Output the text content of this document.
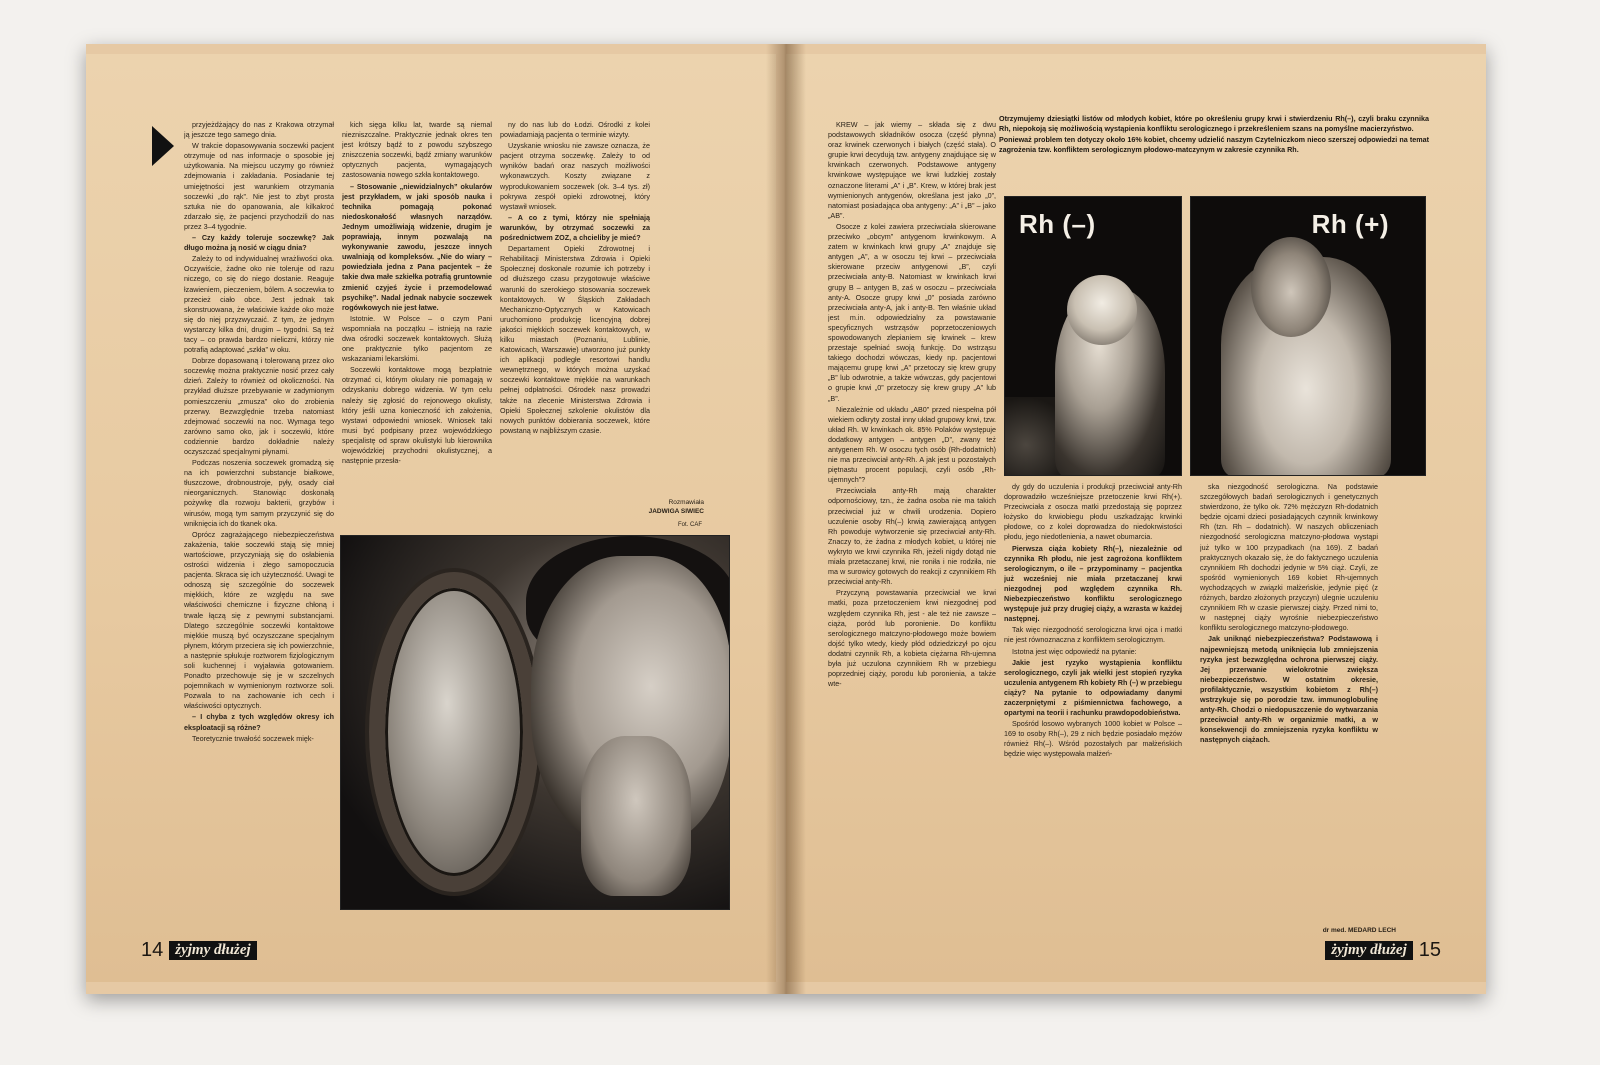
przyjeżdżający do nas z Krakowa otrzymał ją jeszcze tego samego dnia.

W trakcie dopasowywania soczewki pacjent otrzymuje od nas informacje o sposobie jej użytkowania. Na miejscu uczymy go również zdejmowania i zakładania. Posiadanie tej umiejętności jest warunkiem otrzymania soczewki „do rąk”. Nie jest to zbyt prosta sztuka nie do opanowania, ale kilkakroć zdarzało się, że pacjenci przychodzili do nas przez 3–4 tygodnie.

– Czy każdy toleruje soczewkę? Jak długo można ją nosić w ciągu dnia?

Zależy to od indywidualnej wrażliwości oka. Oczywiście, żadne oko nie toleruje od razu niczego, co się do niego dostanie. Reaguje łzawieniem, pieczeniem, bólem. A soczewka to przecież ciało obce. Jest jednak tak skonstruowana, że właściwie każde oko może się do niej przyzwyczaić. Z tym, że jednym wystarczy kilka dni, drugim – tygodni. Są też tacy – co prawda bardzo nieliczni, którzy nie potrafią adaptować „szkła” w oku.

Dobrze dopasowaną i tolerowaną przez oko soczewkę można praktycznie nosić przez cały dzień. Zależy to również od okoliczności. Na przykład dłuższe przebywanie w zadymionym pomieszczeniu „zmusza” oko do zrobienia przerwy. Bezwzględnie trzeba natomiast zdejmować soczewki na noc. Wymaga tego zarówno samo oko, jak i soczewki, które codziennie bardzo dokładnie należy oczyszczać specjalnymi płynami.

Podczas noszenia soczewek gromadzą się na ich powierzchni substancje białkowe, tłuszczowe, drobnoustroje, pyły, osady ciał nieorganicznych. Stanowiąc doskonałą pożywkę dla rozwoju bakterii, grzybów i wirusów, mogą tym samym przyczynić się do wniknięcia ich do tkanek oka.

Oprócz zagrażającego niebezpieczeństwa zakażenia, takie soczewki stają się mniej wartościowe, przyczyniają się do osłabienia ostrości widzenia i złego samopoczucia pacjenta. Skraca się ich użyteczność. Uwagi te odnoszą się szczególnie do soczewek miękkich, które ze względu na swe właściwości chemiczne i fizyczne chłoną i trwale łączą się z pewnymi substancjami. Dlatego szczególnie soczewki kontaktowe miękkie muszą być oczyszczane specjalnym płynem, którym przeciera się ich powierzchnie, a następnie spłukuje roztworem fizjologicznym soli kuchennej i wyjaławia gotowaniem. Ponadto przechowuje się je w szczelnych pojemnikach w wymienionym roztworze soli. Pozwala to na zachowanie ich cech i właściwości optycznych.

– I chyba z tych względów okresy ich eksploatacji są różne?

Teoretycznie trwałość soczewek mięk-

kich sięga kilku lat, twarde są niemal niezniszczalne. Praktycznie jednak okres ten jest krótszy bądź to z powodu szybszego zniszczenia soczewki, bądź zmiany warunków optycznych pacjenta, wymagających zastosowania nowego szkła kontaktowego.

– Stosowanie „niewidzialnych” okularów jest przykładem, w jaki sposób nauka i technika pomagają pokonać niedoskonałość własnych narządów. Jednym umożliwiają widzenie, drugim je poprawiają, innym pozwalają na wykonywanie zawodu, jeszcze innych uwalniają od kompleksów. „Nie do wiary – powiedziała jedna z Pana pacjentek – że takie dwa małe szkiełka potrafią gruntownie zmienić czyjeś życie i przemodelować psychikę”. Nadal jednak nabycie soczewek rogówkowych nie jest łatwe.

Istotnie. W Polsce – o czym Pani wspomniała na początku – istnieją na razie dwa ośrodki soczewek kontaktowych. Służą one praktycznie tylko pacjentom ze wskazaniami lekarskimi.

Soczewki kontaktowe mogą bezpłatnie otrzymać ci, którym okulary nie pomagają w odzyskaniu dobrego widzenia. W tym celu należy się zgłosić do rejonowego okulisty, który jeśli uzna konieczność ich założenia, wystawi odpowiedni wniosek. Wniosek taki musi być podpisany przez wojewódzkiego specjalistę od spraw okulistyki lub kierownika wojewódzkiej przychodni okulistycznej, a następnie przesła-

ny do nas lub do Łodzi. Ośrodki z kolei powiadamiają pacjenta o terminie wizyty.

Uzyskanie wniosku nie zawsze oznacza, że pacjent otrzyma soczewkę. Zależy to od wyników badań oraz naszych możliwości wykonawczych. Koszty związane z wyprodukowaniem soczewek (ok. 3–4 tys. zł) pokrywa zespół opieki zdrowotnej, który wystawił wniosek.

– A co z tymi, którzy nie spełniają warunków, by otrzymać soczewki za pośrednictwem ZOZ, a chcieliby je mieć?

Departament Opieki Zdrowotnej i Rehabilitacji Ministerstwa Zdrowia i Opieki Społecznej doskonale rozumie ich potrzeby i od dłuższego czasu przygotowuje właściwe warunki do szerokiego stosowania soczewek kontaktowych. W Śląskich Zakładach Mechaniczno-Optycznych w Katowicach uruchomiono produkcję licencyjną dobrej jakości miękkich soczewek kontaktowych, w kilku miastach (Poznaniu, Lublinie, Katowicach, Warszawie) utworzono już punkty ich aplikacji podległe resortowi handlu wewnętrznego, w których można uzyskać soczewki kontaktowe miękkie na warunkach pełnej odpłatności. Ośrodek nasz prowadzi także na zlecenie Ministerstwa Zdrowia i Opieki Społecznej szkolenie okulistów dla nowych punktów dobierania soczewek, które powstaną w najbliższym czasie.

Rozmawiała
JADWIGA SIWIEC
Fot. CAF
14 żyjmy dłużej

Otrzymujemy dziesiątki listów od młodych kobiet, które po określeniu grupy krwi i stwierdzeniu Rh(–), czyli braku czynnika Rh, niepokoją się możliwością wystąpienia konfliktu serologicznego i przekreśleniem szans na pomyślne macierzyństwo.

Ponieważ problem ten dotyczy około 16% kobiet, chcemy udzielić naszym Czytelniczkom nieco szerszej odpowiedzi na temat zagrożenia tzw. konfliktem serologicznym płodowo-matczynym w zakresie czynnika Rh.

KREW – jak wiemy – składa się z dwu podstawowych składników osocza (część płynna) oraz krwinek czerwonych i białych (część stała). O grupie krwi decydują tzw. antygeny znajdujące się w krwinkach czerwonych. Podstawowe antygeny krwinkowe występujące we krwi ludzkiej zostały oznaczone literami „A” i „B”. Krew, w której brak jest wymienionych antygenów, określana jest jako „0”, natomiast posiadająca oba antygeny: „A” i „B” – jako „AB”.

Osocze z kolei zawiera przeciwciała skierowane przeciwko „obcym” antygenom krwinkowym. A zatem w krwinkach krwi grupy „A” znajduje się antygen „A”, a w osoczu tej krwi – przeciwciała skierowane przeciw antygenowi „B”, czyli przeciwciała anty-B. Natomiast w krwinkach krwi grupy B – antygen B, zaś w osoczu – przeciwciała anty-A. Osocze grupy krwi „0” posiada zarówno przeciwciała anty-A, jak i anty-B. Ten właśnie układ jest m.in. odpowiedzialny za powstawanie specyficznych wstrząsów poprzetoczeniowych spowodowanych zlepianiem się krwinek – krew przestaje spełniać swoją funkcję. Do wstrząsu takiego dochodzi wówczas, kiedy np. pacjentowi mającemu grupę krwi „A” przetoczy się krew grupy „B” lub odwrotnie, a także wówczas, gdy pacjentowi o grupie krwi „0” przetoczy się krew grupy „A” lub „B”.

Niezależnie od układu „AB0” przed niespełna pół wiekiem odkryty został inny układ grupowy krwi, tzw. układ Rh. W krwinkach ok. 85% Polaków występuje dodatkowy antygen – antygen „D”, zwany też antygenem Rh. W osoczu tych osób (Rh-dodatnich) nie ma przeciwciał anty-Rh. A jak jest u pozostałych piętnastu procent populacji, czyli osób „Rh-ujemnych”?

Przeciwciała anty-Rh mają charakter odpornościowy, tzn., że żadna osoba nie ma takich przeciwciał już w chwili urodzenia. Dopiero uczulenie osoby Rh(–) krwią zawierającą antygen Rh powoduje wytworzenie się przeciwciał anty-Rh. Znaczy to, że żadna z młodych kobiet, u której nie wykryto we krwi czynnika Rh, jeżeli nigdy dotąd nie miała przetaczanej krwi, nie roniła i nie rodziła, nie ma w surowicy gotowych do reakcji z czynnikiem Rh przeciwciał anty-Rh.

Przyczyną powstawania przeciwciał we krwi matki, poza przetoczeniem krwi niezgodnej pod względem czynnika Rh, jest - ale też nie zawsze – ciąża, poród lub poronienie. Do konfliktu serologicznego matczyno-płodowego może bowiem dojść tylko wtedy, kiedy płód odziedziczył po ojcu dodatni czynnik Rh, a kobieta ciężarna Rh-ujemna była już uczulona czynnikiem Rh w przebiegu poprzedniej ciąży, porodu lub poronienia, a także wte-

Rh (–)	Rh (+)

dy gdy do uczulenia i produkcji przeciwciał anty-Rh doprowadziło wcześniejsze przetoczenie krwi Rh(+). Przeciwciała z osocza matki przedostają się poprzez łożysko do krwiobiegu płodu uszkadzając krwinki płodowe, co z kolei doprowadza do niedokrwistości płodu, jego niedotlenienia, a nawet obumarcia.

Pierwsza ciąża kobiety Rh(–), niezależnie od czynnika Rh płodu, nie jest zagrożona konfliktem serologicznym, o ile – przypominamy – pacjentka już wcześniej nie miała przetaczanej krwi niezgodnej pod względem czynnika Rh. Niebezpieczeństwo konfliktu serologicznego występuje już przy drugiej ciąży, a wzrasta w każdej następnej.

Tak więc niezgodność serologiczna krwi ojca i matki nie jest równoznaczna z konfliktem serologicznym.

Istotna jest więc odpowiedź na pytanie:

Jakie jest ryzyko wystąpienia konfliktu serologicznego, czyli jak wielki jest stopień ryzyka uczulenia antygenem Rh kobiety Rh (–) w przebiegu ciąży? Na pytanie to odpowiadamy danymi zaczerpniętymi z piśmiennictwa fachowego, a opartymi na teorii i rachunku prawdopodobieństwa.

Spośród losowo wybranych 1000 kobiet w Polsce – 169 to osoby Rh(–), 29 z nich będzie posiadało mężów również Rh(–). Wśród pozostałych par małżeńskich będzie więc występowała małżeń-

ska niezgodność serologiczna. Na podstawie szczegółowych badań serologicznych i genetycznych stwierdzono, że tylko ok. 72% mężczyzn Rh-dodatnich będzie ojcami dzieci posiadających czynnik krwinkowy Rh (tzn. Rh – dodatnich). W naszych obliczeniach niezgodność serologiczna matczyno-płodowa wystąpi już tylko w 100 przypadkach (na 169). Z badań praktycznych okazało się, że do faktycznego uczulenia czynnikiem Rh dochodzi jedynie w 5% ciąż. Czyli, ze spośród wymienionych 169 kobiet Rh-ujemnych wychodzących w związki małżeńskie, jedynie pięć (z różnych, bardzo złożonych przyczyn) ulegnie uczuleniu czynnikiem Rh w czasie pierwszej ciąży. Przed nimi to, w następnej ciąży wyrośnie niebezpieczeństwo konfliktu serologicznego matczyno-płodowego.

Jak uniknąć niebezpieczeństwa? Podstawową i najpewniejszą metodą uniknięcia lub zmniejszenia ryzyka jest bezwzględna ochrona pierwszej ciąży. Jej przerwanie wielokrotnie zwiększa niebezpieczeństwo. W ostatnim okresie, profilaktycznie, wszystkim kobietom z Rh(–) wstrzykuje się po porodzie tzw. immunoglobulinę anty-Rh. Chodzi o niedopuszczenie do wytwarzania przeciwciał anty-Rh w organizmie matki, a w konsekwencji do zmniejszenia ryzyka konfliktu w następnych ciążach.

dr med. MEDARD LECH
żyjmy dłużej 15
